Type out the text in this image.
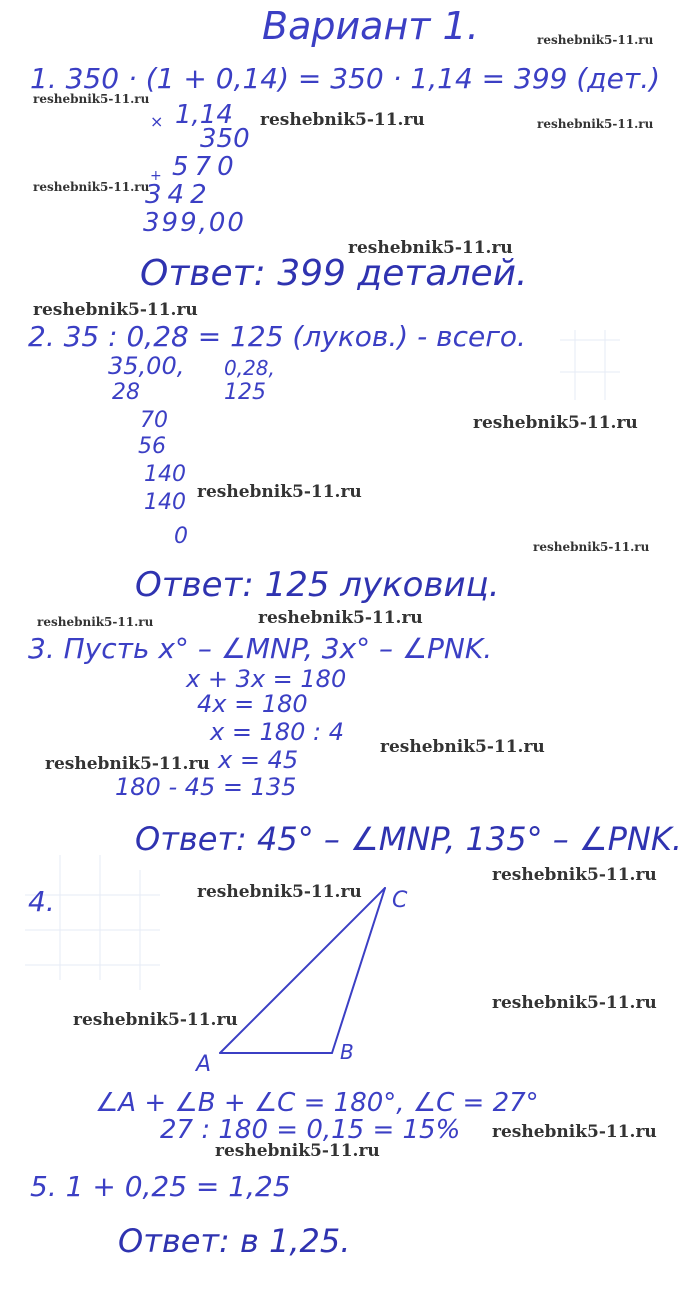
Вариант 1.
1. 350 · (1 + 0,14) = 350 · 1,14 = 399 (дет.)
× 1,14
350
570
+
342
399,00
Ответ: 399 деталей.
2. 35 : 0,28 = 125 (луков.) - всего.
35,00, 0,28,
125
28
70
56
140
140
0
Ответ: 125 луковиц.
3. Пусть x° – ∠MNP, 3x° – ∠PNK.
x + 3x = 180
4x = 180
x = 180 : 4
x = 45
180 - 45 = 135
Ответ: 45° – ∠MNP, 135° – ∠PNK.
4.
A	B
C
∠A + ∠B + ∠C = 180°, ∠C = 27°
27 : 180 = 0,15 = 15%
5. 1 + 0,25 = 1,25
Ответ: в 1,25.
reshebnik5-11.ru
reshebnik5-11.ru
reshebnik5-11.ru	reshebnik5-11.ru
reshebnik5-11.ru
reshebnik5-11.ru
reshebnik5-11.ru
reshebnik5-11.ru
reshebnik5-11.ru
reshebnik5-11.ru
reshebnik5-11.ru	reshebnik5-11.ru
reshebnik5-11.ru
reshebnik5-11.ru
reshebnik5-11.ru
reshebnik5-11.ru
reshebnik5-11.ru
reshebnik5-11.ru
reshebnik5-11.ru
reshebnik5-11.ru
